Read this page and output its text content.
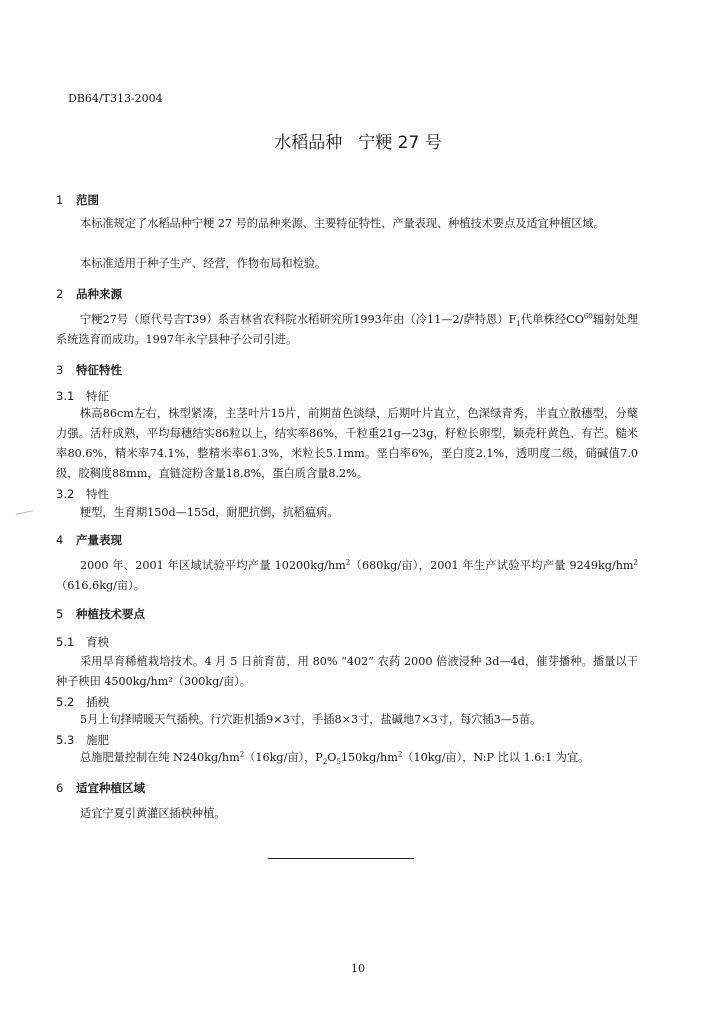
DB64/T313-2004
水稻品种 宁粳 27 号
1 范围
本标准规定了水稻品种宁粳 27 号的品种来源、主要特征特性、产量表现、种植技术要点及适宜种植区域。
本标准适用于种子生产、经营，作物布局和检验。
2 品种来源
宁粳27号（原代号吉T39）系吉林省农科院水稻研究所1993年由（冷11—2/萨特恩）$F_1$代单株经CO$^{60}$辐射处理系统选育而成功。1997年永宁县种子公司引进。
3 特征特性
3.1 特征
株高86cm左右，株型紧凑，主茎叶片15片，前期苗色淡绿，后期叶片直立，色深绿青秀，半直立散穗型，分蘖力强。活秆成熟，平均每穗结实86粒以上，结实率86%，千粒重21g—23g，籽粒长卵型，颖壳秆黄色、有芒。糙米率80.6%，精米率74.1%，整精米率61.3%，米粒长5.1mm。垩白率6%，垩白度2.1%，透明度二级，硝碱值7.0级，胶稠度88mm，直链淀粉含量18.8%，蛋白质含量8.2%。
3.2 特性
粳型，生育期150d—155d，耐肥抗倒，抗稻瘟病。
4 产量表现
2000 年、2001 年区域试验平均产量 $10200kg/hm^2(680kg/$亩），2001 年生产试验平均产量 $9249kg/hm^2(616.6kg/$亩）。
5 种植技术要点
5.1 育秧
采用旱育稀植栽培技术。4 月 5 日前育苗，用 80% “402” 农药 2000 倍液浸种 3d—4d，催芽播种。播量以干种子秧田 4500kg/hm²（300kg/亩）。
5.2 插秧
5月上旬择晴暖天气插秧。行穴距机插9×3寸，手插8×3寸，盐碱地7×3寸，每穴插3—5苗。
5.3 施肥
总施肥量控制在纯 $N240kg/hm^2(16kg/$亩），$P_2O_5150kg/hm^2(10kg/$亩），N:P 比以 1.6:1 为宜。
6 适宜种植区域
适宜宁夏引黄灌区插秧种植。
10
